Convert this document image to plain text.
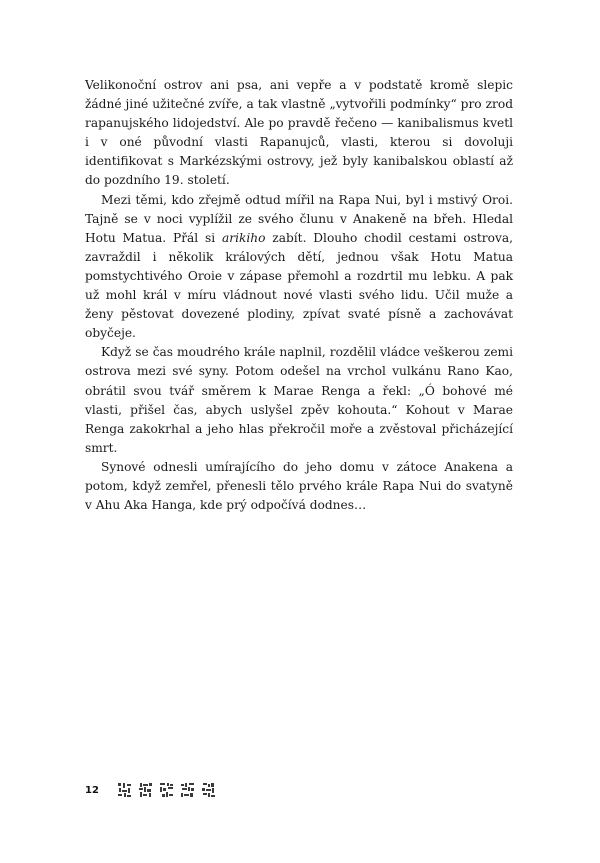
Velikonoční ostrov ani psa, ani vepře a v podstatě kromě slepic žádné jiné užitečné zvíře, a tak vlastně „vytvořili podmínky“ pro zrod rapanujského lidojedství. Ale po pravdě řečeno — kanibalismus kvetl i v oné původní vlasti Rapanujců, vlasti, kterou si dovoluji identifikovat s Markézskými ostrovy, jež byly kanibalskou oblastí až do pozdního 19. století.

Mezi těmi, kdo zřejmě odtud mířil na Rapa Nui, byl i mstivý Oroi. Tajně se v noci vyplížil ze svého člunu v Anakeně na břeh. Hledal Hotu Matua. Přál si arikiho zabít. Dlouho chodil cestami ostrova, zavraždil i několik králových dětí, jednou však Hotu Matua pomstychtivého Oroie v zápase přemohl a rozdrtil mu lebku. A pak už mohl král v míru vládnout nové vlasti svého lidu. Učil muže a ženy pěstovat dovezené plodiny, zpívat svaté písně a zachovávat obyčeje.

Když se čas moudrého krále naplnil, rozdělil vládce veškerou zemi ostrova mezi své syny. Potom odešel na vrchol vulkánu Rano Kao, obrátil svou tvář směrem k Marae Renga a řekl: „Ó bohové mé vlasti, přišel čas, abych uslyšel zpěv kohouta.“ Kohout v Marae Renga zakokrhal a jeho hlas překročil moře a zvěstoval přicházející smrt.

Synové odnesli umírajícího do jeho domu v zátoce Anakena a potom, když zemřel, přenesli tělo prvého krále Rapa Nui do svatyně v Ahu Aka Hanga, kde prý odpočívá dodnes…

12
